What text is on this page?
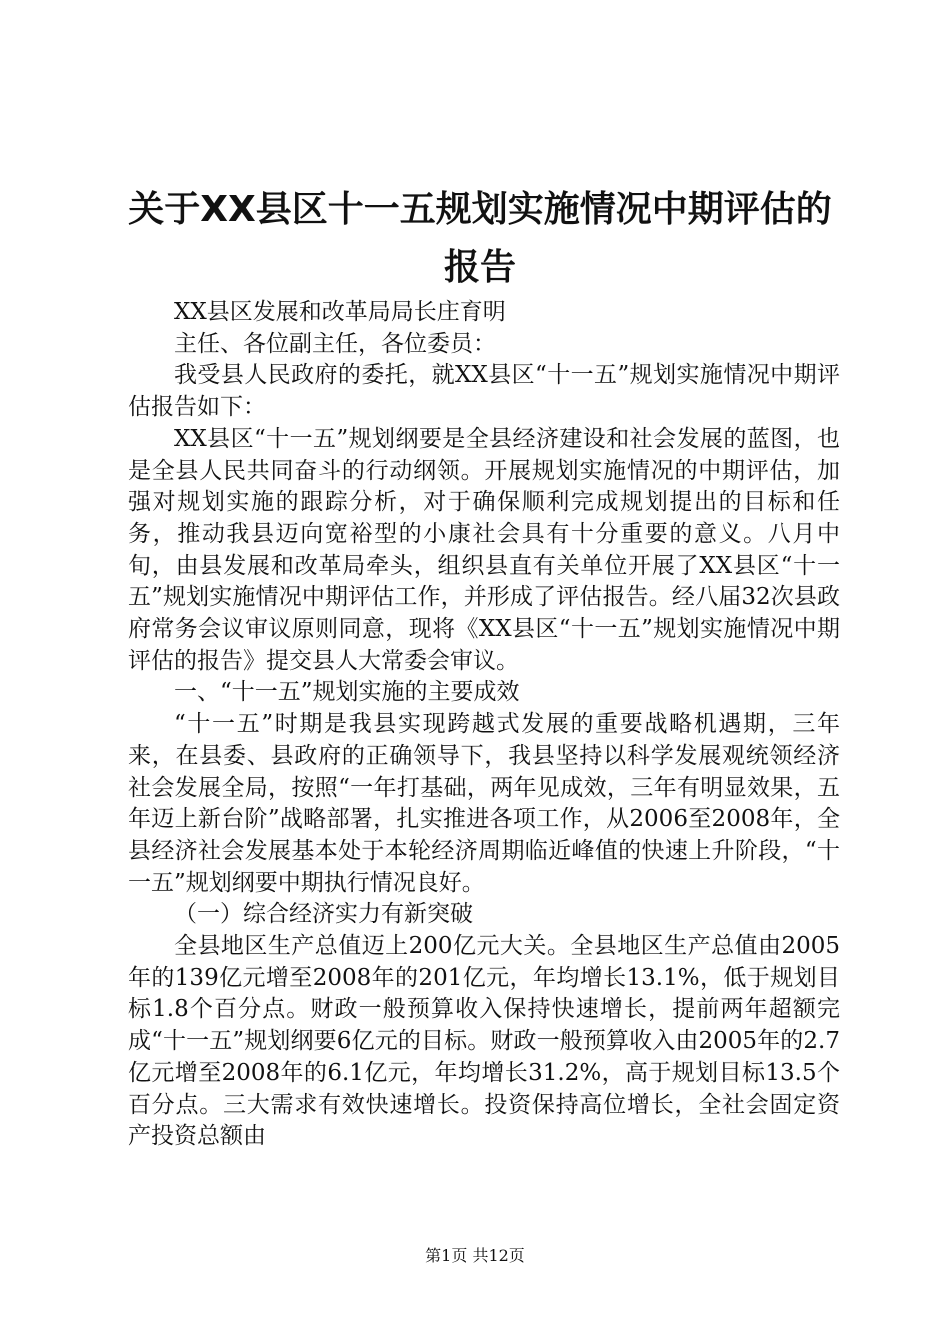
关于XX县区十一五规划实施情况中期评估的
报告

XX县区发展和改革局局长庄育明

主任、各位副主任，各位委员：

我受县人民政府的委托，就XX县区“十一五”规划实施情况中期评估报告如下：

XX县区“十一五”规划纲要是全县经济建设和社会发展的蓝图，也是全县人民共同奋斗的行动纲领。开展规划实施情况的中期评估，加强对规划实施的跟踪分析，对于确保顺利完成规划提出的目标和任务，推动我县迈向宽裕型的小康社会具有十分重要的意义。八月中旬，由县发展和改革局牵头，组织县直有关单位开展了XX县区“十一五”规划实施情况中期评估工作，并形成了评估报告。经八届32次县政府常务会议审议原则同意，现将《XX县区“十一五”规划实施情况中期评估的报告》提交县人大常委会审议。

一、“十一五”规划实施的主要成效

“十一五”时期是我县实现跨越式发展的重要战略机遇期，三年来，在县委、县政府的正确领导下，我县坚持以科学发展观统领经济社会发展全局，按照“一年打基础，两年见成效，三年有明显效果，五年迈上新台阶”战略部署，扎实推进各项工作，从2006至2008年，全县经济社会发展基本处于本轮经济周期临近峰值的快速上升阶段，“十一五”规划纲要中期执行情况良好。

（一）综合经济实力有新突破

全县地区生产总值迈上200亿元大关。全县地区生产总值由2005年的139亿元增至2008年的201亿元，年均增长13.1%，低于规划目标1.8个百分点。财政一般预算收入保持快速增长，提前两年超额完成“十一五”规划纲要6亿元的目标。财政一般预算收入由2005年的2.7亿元增至2008年的6.1亿元，年均增长31.2%，高于规划目标13.5个百分点。三大需求有效快速增长。投资保持高位增长，全社会固定资产投资总额由

第1页 共12页
